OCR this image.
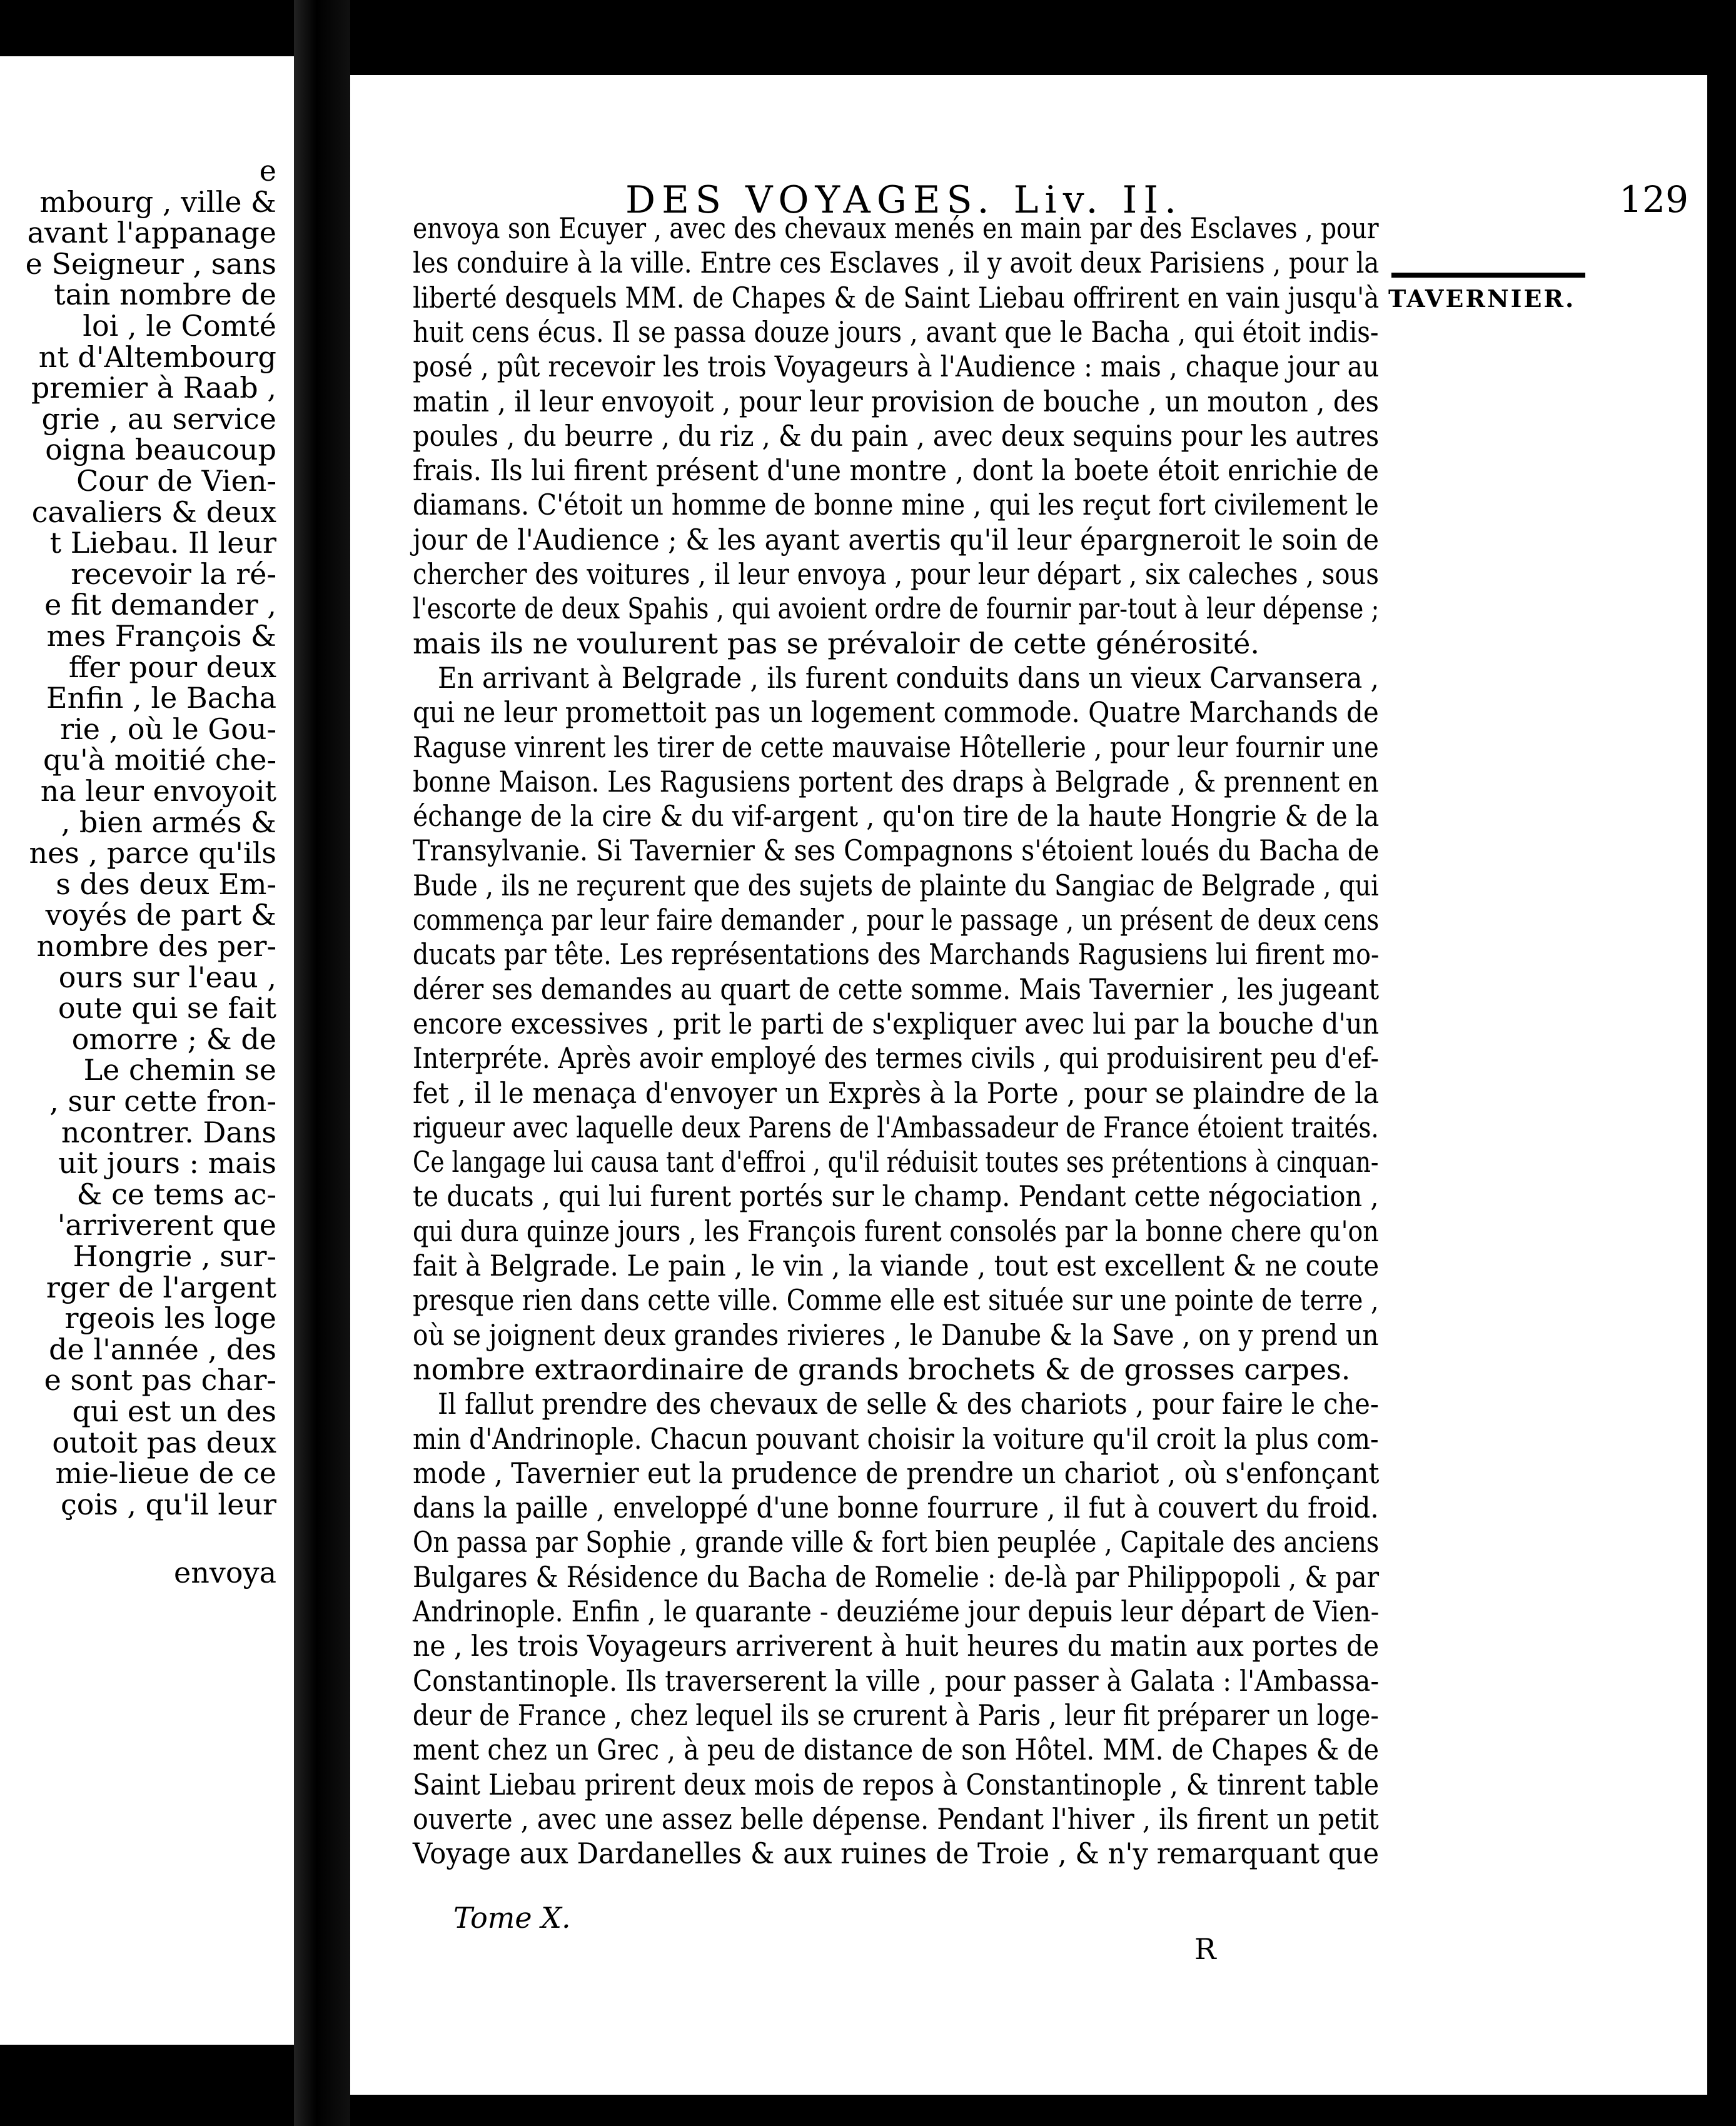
e
mbourg , ville &
avant l'appanage
e Seigneur , sans
tain nombre de
loi , le Comté
nt d'Altembourg
premier à Raab ,
grie , au service
oigna beaucoup
Cour de Vien-
cavaliers & deux
t Liebau. Il leur
recevoir la ré-
e fit demander ,
mes François &
ffer pour deux
Enfin , le Bacha
rie , où le Gou-
qu'à moitié che-
na leur envoyoit
, bien armés &
nes , parce qu'ils
s des deux Em-
voyés de part &
nombre des per-
ours sur l'eau ,
oute qui se fait
omorre ; & de
Le chemin se
, sur cette fron-
ncontrer. Dans
uit jours : mais
& ce tems ac-
'arriverent que
Hongrie , sur-
rger de l'argent
rgeois les loge
de l'année , des
e sont pas char-
qui est un des
outoit pas deux
mie-lieue de ce
çois , qu'il leur
envoya
DES VOYAGES. Liv. II.	129
TAVERNIER.
envoya son Ecuyer , avec des chevaux menés en main par des Esclaves , pour
les conduire à la ville. Entre ces Esclaves , il y avoit deux Parisiens , pour la
liberté desquels MM. de Chapes & de Saint Liebau offrirent en vain jusqu'à
huit cens écus. Il se passa douze jours , avant que le Bacha , qui étoit indis-
posé , pût recevoir les trois Voyageurs à l'Audience : mais , chaque jour au
matin , il leur envoyoit , pour leur provision de bouche , un mouton , des
poules , du beurre , du riz , & du pain , avec deux sequins pour les autres
frais. Ils lui firent présent d'une montre , dont la boete étoit enrichie de
diamans. C'étoit un homme de bonne mine , qui les reçut fort civilement le
jour de l'Audience ; & les ayant avertis qu'il leur épargneroit le soin de
chercher des voitures , il leur envoya , pour leur départ , six caleches , sous
l'escorte de deux Spahis , qui avoient ordre de fournir par-tout à leur dépense ;
mais ils ne voulurent pas se prévaloir de cette générosité.
En arrivant à Belgrade , ils furent conduits dans un vieux Carvansera ,
qui ne leur promettoit pas un logement commode. Quatre Marchands de
Raguse vinrent les tirer de cette mauvaise Hôtellerie , pour leur fournir une
bonne Maison. Les Ragusiens portent des draps à Belgrade , & prennent en
échange de la cire & du vif-argent , qu'on tire de la haute Hongrie & de la
Transylvanie. Si Tavernier & ses Compagnons s'étoient loués du Bacha de
Bude , ils ne reçurent que des sujets de plainte du Sangiac de Belgrade , qui
commença par leur faire demander , pour le passage , un présent de deux cens
ducats par tête. Les représentations des Marchands Ragusiens lui firent mo-
dérer ses demandes au quart de cette somme. Mais Tavernier , les jugeant
encore excessives , prit le parti de s'expliquer avec lui par la bouche d'un
Interpréte. Après avoir employé des termes civils , qui produisirent peu d'ef-
fet , il le menaça d'envoyer un Exprès à la Porte , pour se plaindre de la
rigueur avec laquelle deux Parens de l'Ambassadeur de France étoient traités.
Ce langage lui causa tant d'effroi , qu'il réduisit toutes ses prétentions à cinquan-
te ducats , qui lui furent portés sur le champ. Pendant cette négociation ,
qui dura quinze jours , les François furent consolés par la bonne chere qu'on
fait à Belgrade. Le pain , le vin , la viande , tout est excellent & ne coute
presque rien dans cette ville. Comme elle est située sur une pointe de terre ,
où se joignent deux grandes rivieres , le Danube & la Save , on y prend un
nombre extraordinaire de grands brochets & de grosses carpes.
Il fallut prendre des chevaux de selle & des chariots , pour faire le che-
min d'Andrinople. Chacun pouvant choisir la voiture qu'il croit la plus com-
mode , Tavernier eut la prudence de prendre un chariot , où s'enfonçant
dans la paille , enveloppé d'une bonne fourrure , il fut à couvert du froid.
On passa par Sophie , grande ville & fort bien peuplée , Capitale des anciens
Bulgares & Résidence du Bacha de Romelie : de-là par Philippopoli , & par
Andrinople. Enfin , le quarante - deuziéme jour depuis leur départ de Vien-
ne , les trois Voyageurs arriverent à huit heures du matin aux portes de
Constantinople. Ils traverserent la ville , pour passer à Galata : l'Ambassa-
deur de France , chez lequel ils se crurent à Paris , leur fit préparer un loge-
ment chez un Grec , à peu de distance de son Hôtel. MM. de Chapes & de
Saint Liebau prirent deux mois de repos à Constantinople , & tinrent table
ouverte , avec une assez belle dépense. Pendant l'hiver , ils firent un petit
Voyage aux Dardanelles & aux ruines de Troie , & n'y remarquant que
Tome X.
R
